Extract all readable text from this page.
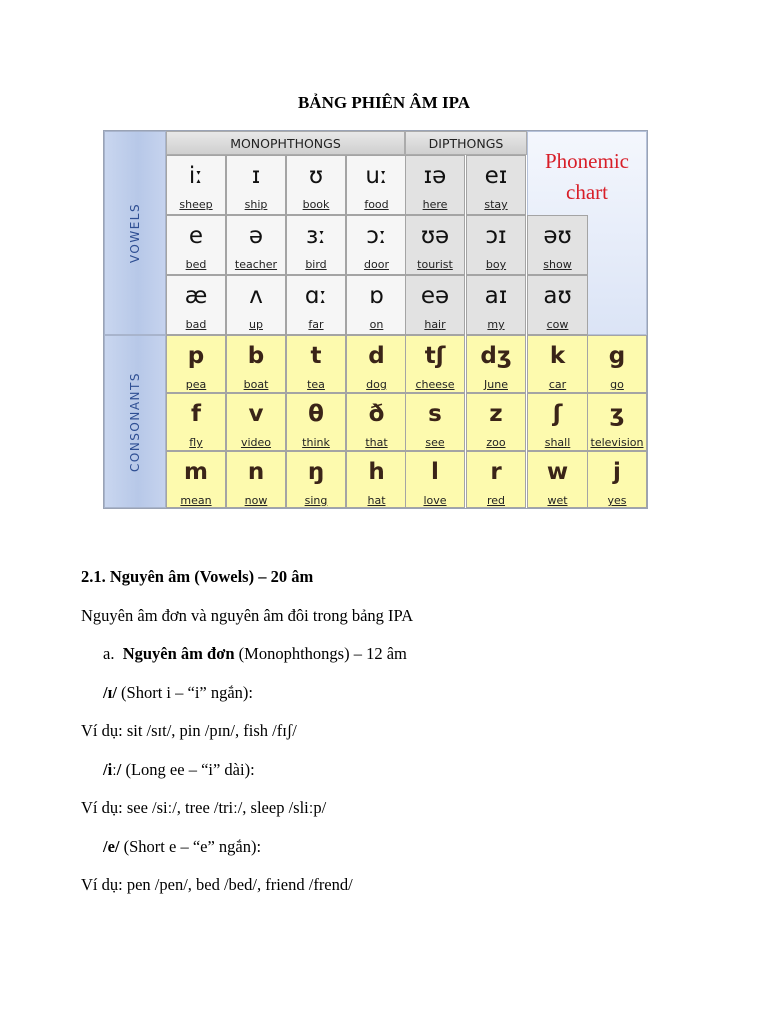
BẢNG PHIÊN ÂM IPA
VOWELS
CONSONANTS
MONOPHTHONGS	DIPTHONGS
Phonemic
chart
iː
sheep
ɪ
ship
ʊ
book
uː
food
ɪə
here
eɪ
stay
e
bed
ə
teacher
ɜː
bird
ɔː
door
ʊə
tourist
ɔɪ
boy
əʊ
show
æ
bad
ʌ
up
ɑː
far
ɒ
on
eə
hair
aɪ
my
aʊ
cow
p
pea
b
boat
t
tea
d
dog
tʃ
cheese
dʒ
June
k
car
g
go
f
fly
v
video
θ
think
ð
that
s
see
z
zoo
ʃ
shall
ʒ
television
m
mean
n
now
ŋ
sing
h
hat
l
love
r
red
w
wet
j
yes
2.1. Nguyên âm (Vowels) – 20 âm
Nguyên âm đơn và nguyên âm đôi trong bảng IPA
a. Nguyên âm đơn (Monophthongs) – 12 âm
/ɪ/ (Short i – “i” ngắn):
Ví dụ: sit /sɪt/, pin /pɪn/, fish /fɪʃ/
/iː/ (Long ee – “i” dài):
Ví dụ: see /siː/, tree /triː/, sleep /sliːp/
/e/ (Short e – “e” ngắn):
Ví dụ: pen /pen/, bed /bed/, friend /frend/
